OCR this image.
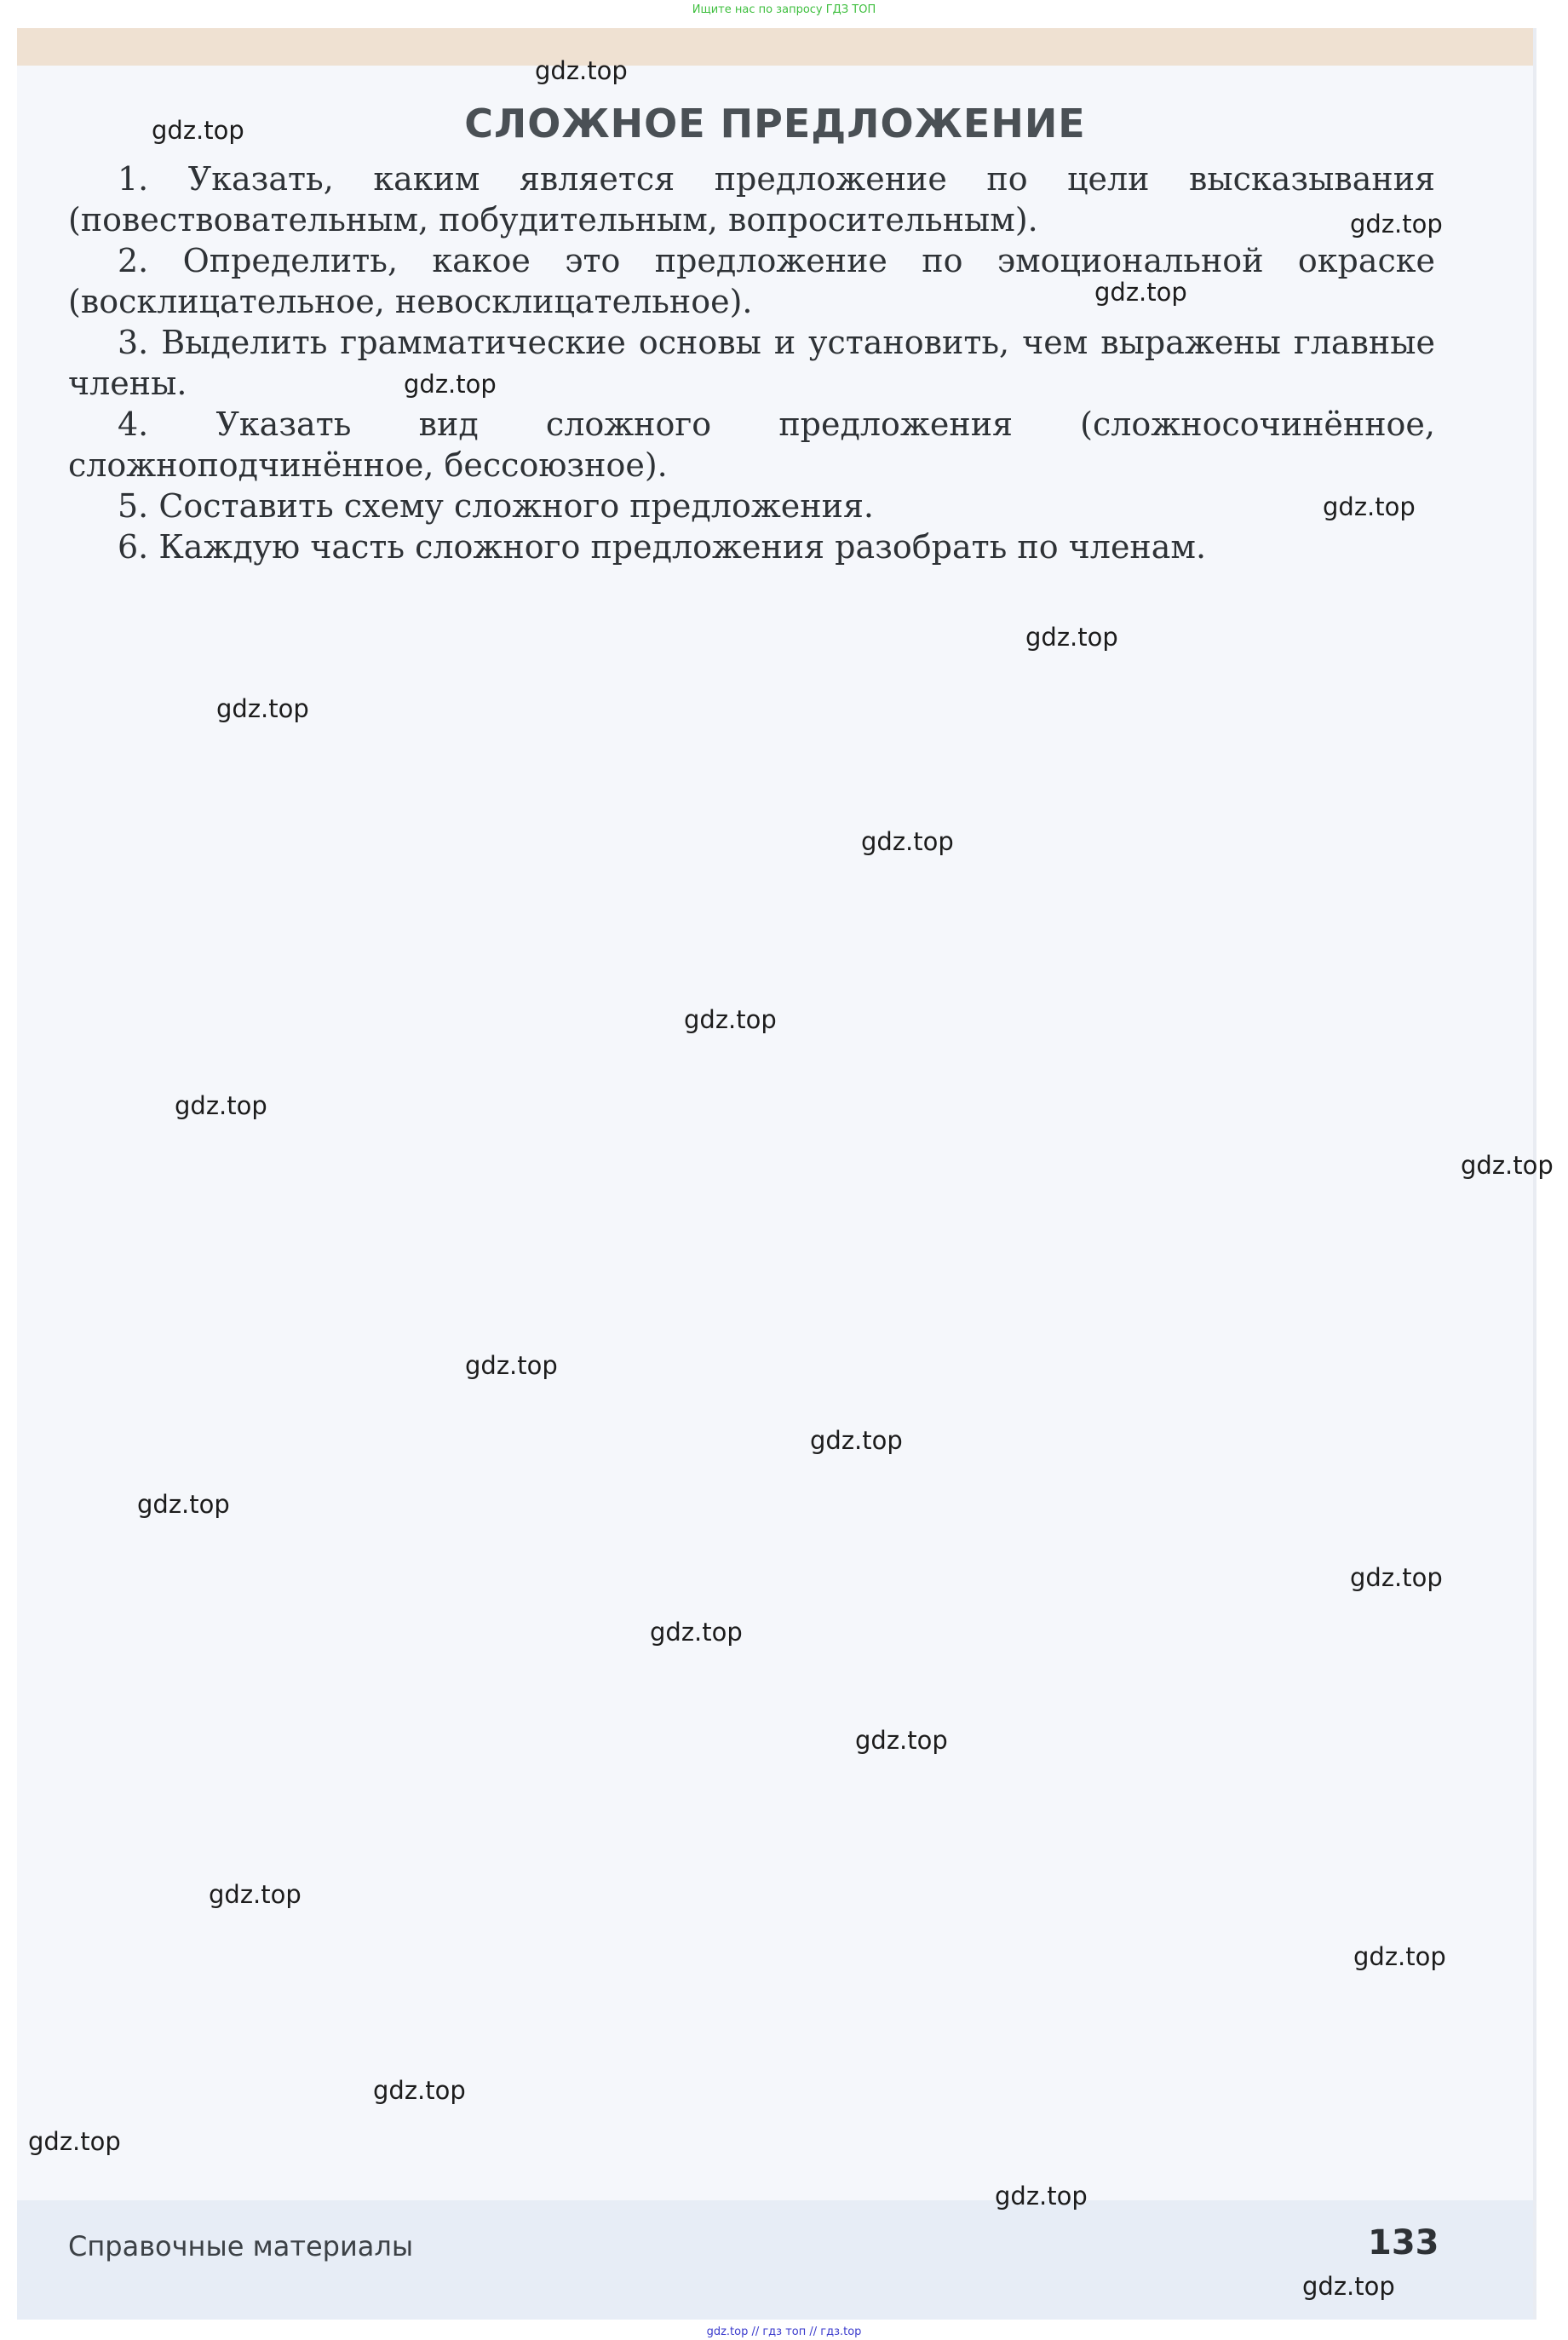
Ищите нас по запросу ГДЗ ТОП
СЛОЖНОЕ ПРЕДЛОЖЕНИЕ
1. Указать, каким является предложение по цели высказывания (повествовательным, побудительным, вопросительным).
2. Определить, какое это предложение по эмоциональной окраске (восклицательное, невосклицательное).
3. Выделить грамматические основы и установить, чем выражены главные члены.
4. Указать вид сложного предложения (сложносочинённое, сложноподчинённое, бессоюзное).
5. Составить схему сложного предложения.
6. Каждую часть сложного предложения разобрать по членам.
Справочные материалы	133
gdz.top
gdz.top
gdz.top
gdz.top
gdz.top
gdz.top
gdz.top
gdz.top
gdz.top
gdz.top
gdz.top
gdz.top
gdz.top
gdz.top
gdz.top
gdz.top
gdz.top
gdz.top
gdz.top
gdz.top
gdz.top
gdz.top
gdz.top
gdz.top
gdz.top // гдз топ // гдз.top
